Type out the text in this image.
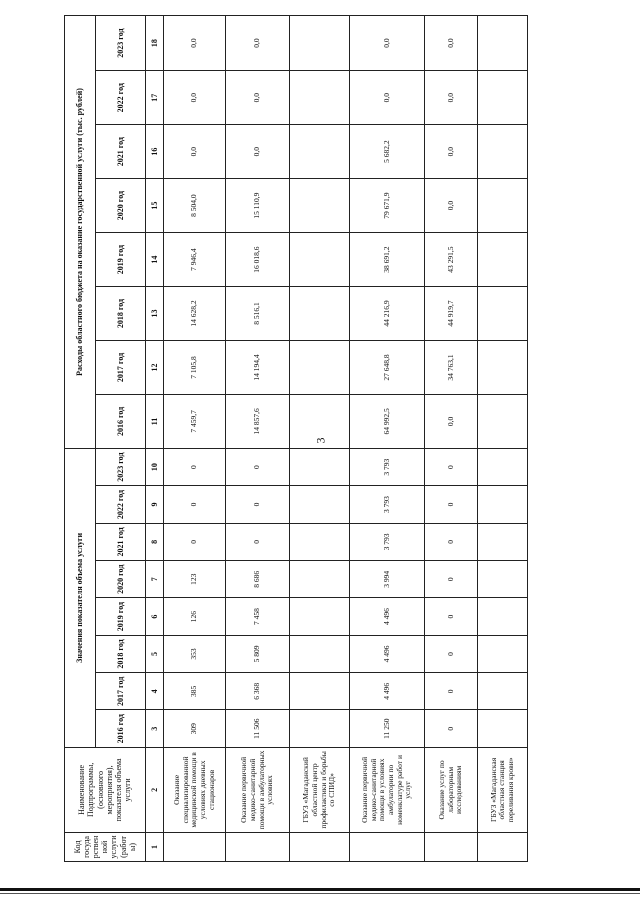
3
Код государственной услуги (работы)	Наименование Подпрограммы, (основного мероприятия), показателя объема услуги	Значения показателя объема услуги								Расходы областного бюджета на оказание государственной услуги (тыс. рублей)							
		2016 год	2017 год	2018 год	2019 год	2020 год	2021 год	2022 год	2023 год	2016 год	2017 год	2018 год	2019 год	2020 год	2021 год	2022 год	2023 год
1	2	3	4	5	6	7	8	9	10	11	12	13	14	15	16	17	18
	Оказание специализированной медицинской помощи в условиях дневных стационаров	309	385	353	126	123	0	0	0	7 459,7	7 105,8	14 628,2	7 946,4	8 504,0	0,0	0,0	0,0
	Оказание первичной медико-санитарной помощи в амбулаторных условиях	11 506	6 368	5 809	7 458	8 686	0	0	0	14 857,6	14 194,4	8 516,1	16 018,6	15 110,9	0,0	0,0	0,0
	ГБУЗ «Магаданский областной центр профилактики и борьбы со СПИД»																
	Оказание первичной медико-санитарной помощи в условиях амбулатории по номенклатуре работ и услуг	11 250	4 496	4 496	4 496	3 994	3 793	3 793	3 793	64 992,5	27 648,8	44 216,9	38 691,2	79 671,9	5 682,2	0,0	0,0
	Оказание услуг по лабораторным исследованиям	0	0	0	0	0	0	0	0	0,0	34 763,1	44 919,7	43 291,5	0,0	0,0	0,0	0,0
	ГБУЗ «Магаданская областная станция переливания крови»																
